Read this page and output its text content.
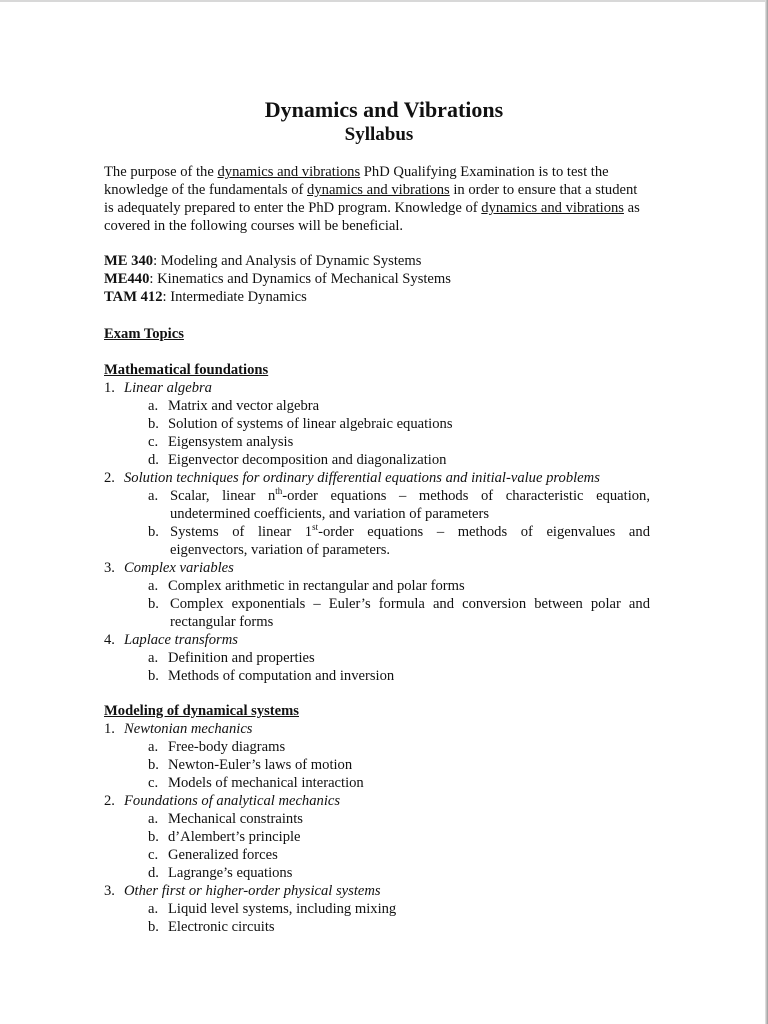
Dynamics and Vibrations
Syllabus

The purpose of the dynamics and vibrations PhD Qualifying Examination is to test the knowledge of the fundamentals of dynamics and vibrations in order to ensure that a student is adequately prepared to enter the PhD program. Knowledge of dynamics and vibrations as covered in the following courses will be beneficial.

ME 340: Modeling and Analysis of Dynamic Systems
ME440: Kinematics and Dynamics of Mechanical Systems
TAM 412: Intermediate Dynamics
Exam Topics
Mathematical foundations
1. Linear algebra
a. Matrix and vector algebra
b. Solution of systems of linear algebraic equations
c. Eigensystem analysis
d. Eigenvector decomposition and diagonalization
2. Solution techniques for ordinary differential equations and initial-value problems
a. Scalar, linear $n^{th}$-order equations – methods of characteristic equation,
undetermined coefficients, and variation of parameters
b. Systems of linear 1st-order equations – methods of eigenvalues and
eigenvectors, variation of parameters.
3. Complex variables
a. Complex arithmetic in rectangular and polar forms
b. Complex exponentials – Euler’s formula and conversion between polar and
rectangular forms
4. Laplace transforms
a. Definition and properties
b. Methods of computation and inversion
Modeling of dynamical systems
1. Newtonian mechanics
a. Free-body diagrams
b. Newton-Euler’s laws of motion
c. Models of mechanical interaction
2. Foundations of analytical mechanics
a. Mechanical constraints
b. d’Alembert’s principle
c. Generalized forces
d. Lagrange’s equations
3. Other first or higher-order physical systems
a. Liquid level systems, including mixing
b. Electronic circuits
